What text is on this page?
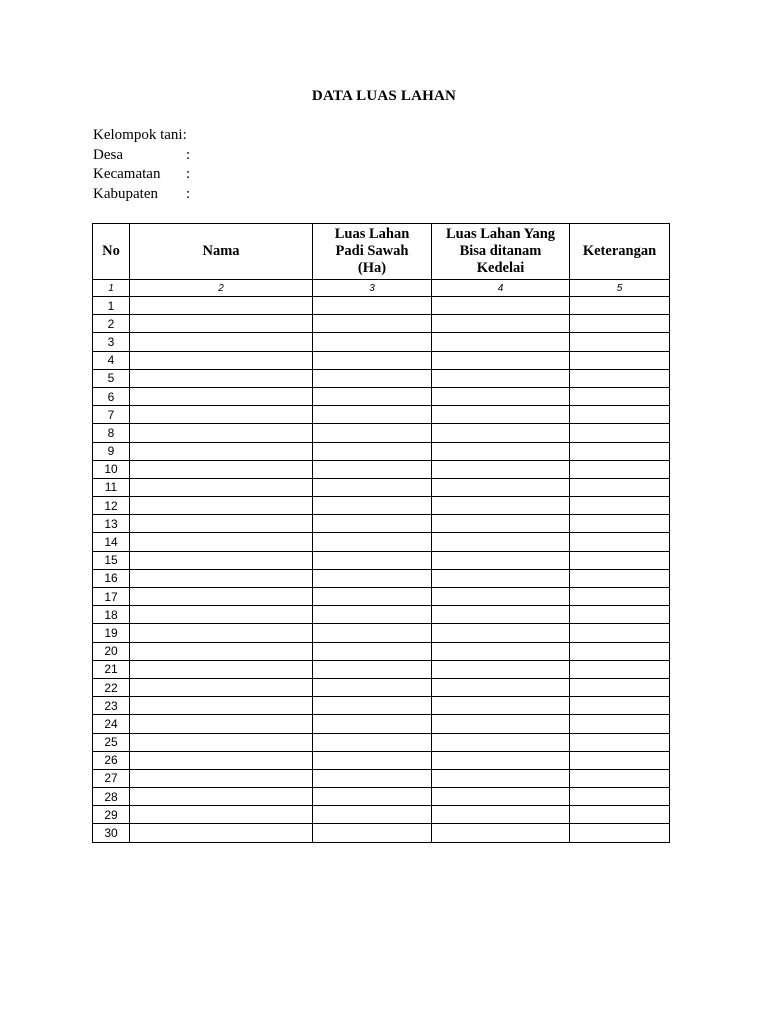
DATA LUAS LAHAN
Kelompok tani:
Desa	:
Kecamatan	:
Kabupaten	:
No	Nama	Luas Lahan Padi Sawah (Ha)	Luas Lahan Yang Bisa ditanam Kedelai	Keterangan
1	2	3	4	5
1				
2				
3				
4				
5				
6				
7				
8				
9				
10				
11				
12				
13				
14				
15				
16				
17				
18				
19				
20				
21				
22				
23				
24				
25				
26				
27				
28				
29				
30				
